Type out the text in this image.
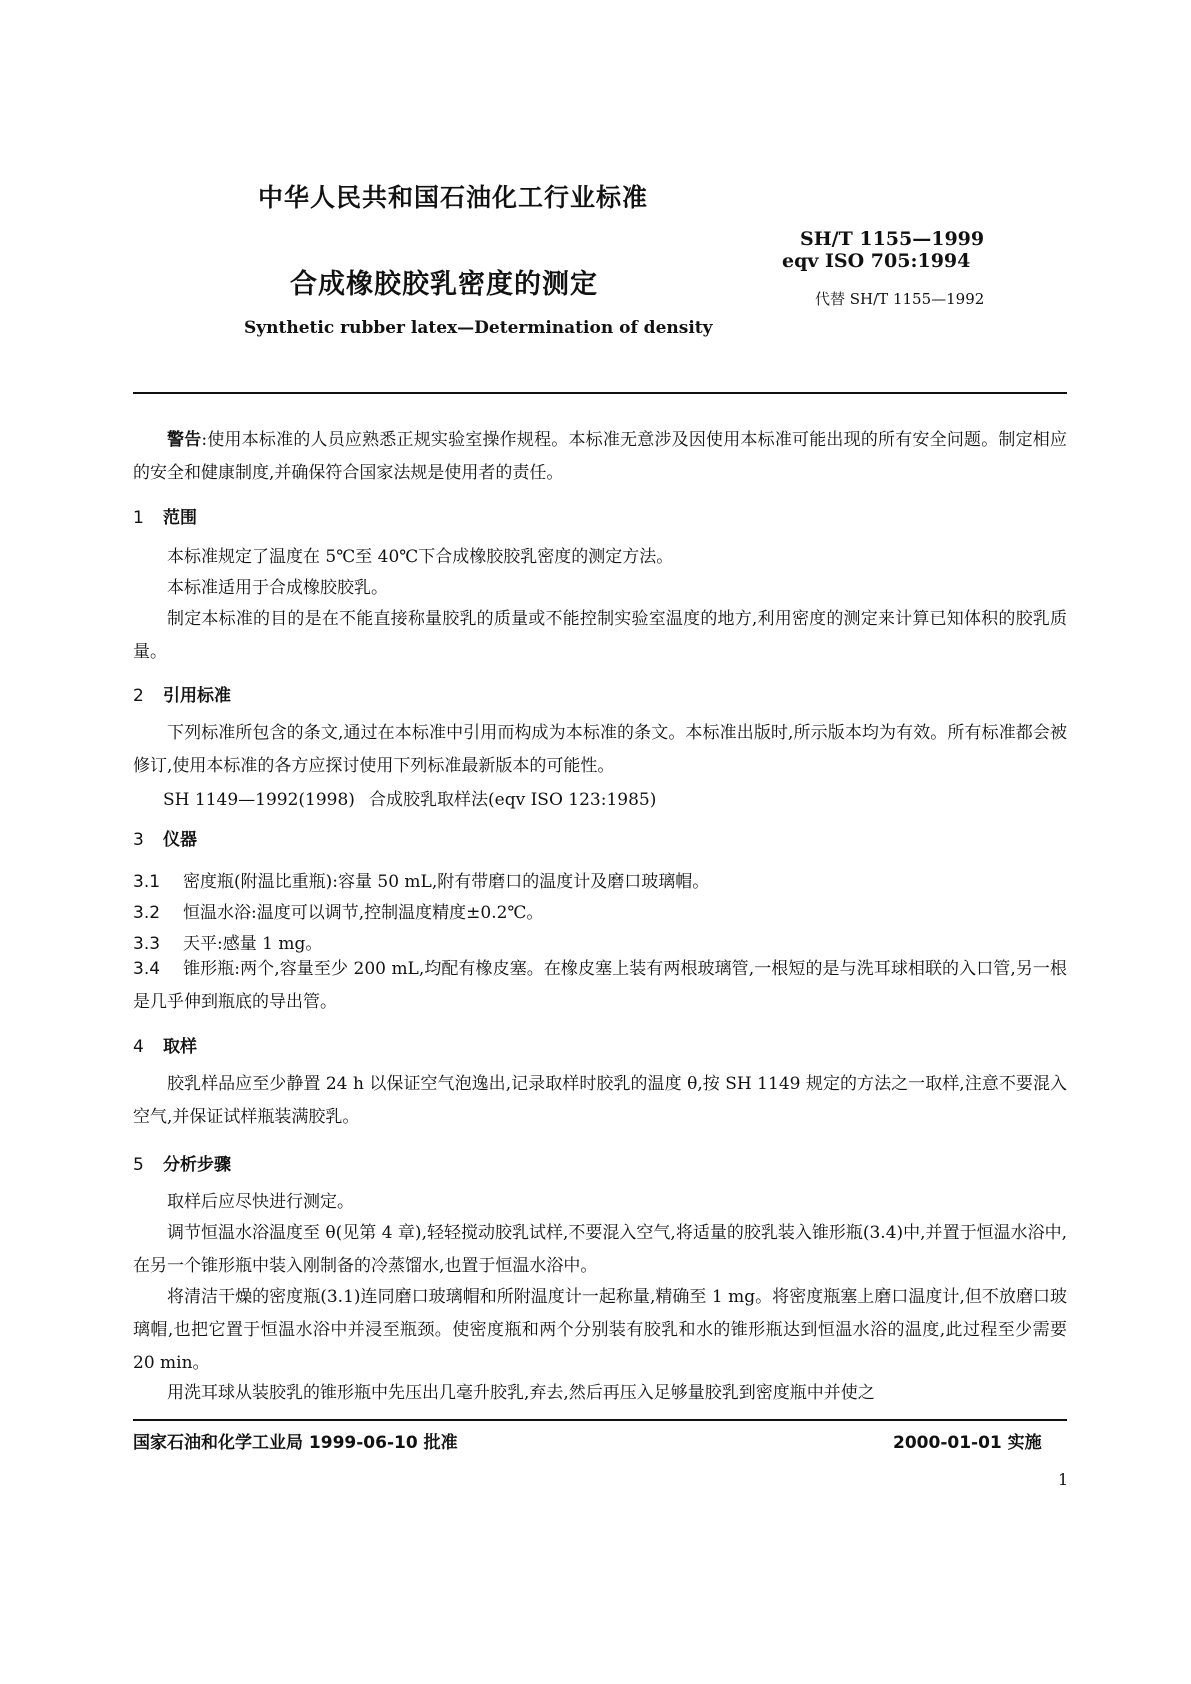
中华人民共和国石油化工行业标准
SH/T 1155—1999
eqv ISO 705:1994
合成橡胶胶乳密度的测定	代替 SH/T 1155—1992
Synthetic rubber latex—Determination of density
警告:使用本标准的人员应熟悉正规实验室操作规程。本标准无意涉及因使用本标准可能出现的所有安全问题。制定相应的安全和健康制度,并确保符合国家法规是使用者的责任。
1 范围
本标准规定了温度在 5℃至 40℃下合成橡胶胶乳密度的测定方法。
本标准适用于合成橡胶胶乳。
制定本标准的目的是在不能直接称量胶乳的质量或不能控制实验室温度的地方,利用密度的测定来计算已知体积的胶乳质量。
2 引用标准
下列标准所包含的条文,通过在本标准中引用而构成为本标准的条文。本标准出版时,所示版本均为有效。所有标准都会被修订,使用本标准的各方应探讨使用下列标准最新版本的可能性。
SH 1149—1992(1998) 合成胶乳取样法(eqv ISO 123:1985)
3 仪器
3.1 密度瓶(附温比重瓶):容量 50 mL,附有带磨口的温度计及磨口玻璃帽。
3.2 恒温水浴:温度可以调节,控制温度精度±0.2℃。
3.3 天平:感量 1 mg。
3.4 锥形瓶:两个,容量至少 200 mL,均配有橡皮塞。在橡皮塞上装有两根玻璃管,一根短的是与洗耳球相联的入口管,另一根是几乎伸到瓶底的导出管。
4 取样
胶乳样品应至少静置 24 h 以保证空气泡逸出,记录取样时胶乳的温度 θ,按 SH 1149 规定的方法之一取样,注意不要混入空气,并保证试样瓶装满胶乳。
5 分析步骤
取样后应尽快进行测定。
调节恒温水浴温度至 θ(见第 4 章),轻轻搅动胶乳试样,不要混入空气,将适量的胶乳装入锥形瓶(3.4)中,并置于恒温水浴中,在另一个锥形瓶中装入刚制备的冷蒸馏水,也置于恒温水浴中。
将清洁干燥的密度瓶(3.1)连同磨口玻璃帽和所附温度计一起称量,精确至 1 mg。将密度瓶塞上磨口温度计,但不放磨口玻璃帽,也把它置于恒温水浴中并浸至瓶颈。使密度瓶和两个分别装有胶乳和水的锥形瓶达到恒温水浴的温度,此过程至少需要 20 min。
用洗耳球从装胶乳的锥形瓶中先压出几毫升胶乳,弃去,然后再压入足够量胶乳到密度瓶中并使之
国家石油和化学工业局 1999-06-10 批准	2000-01-01 实施
1
